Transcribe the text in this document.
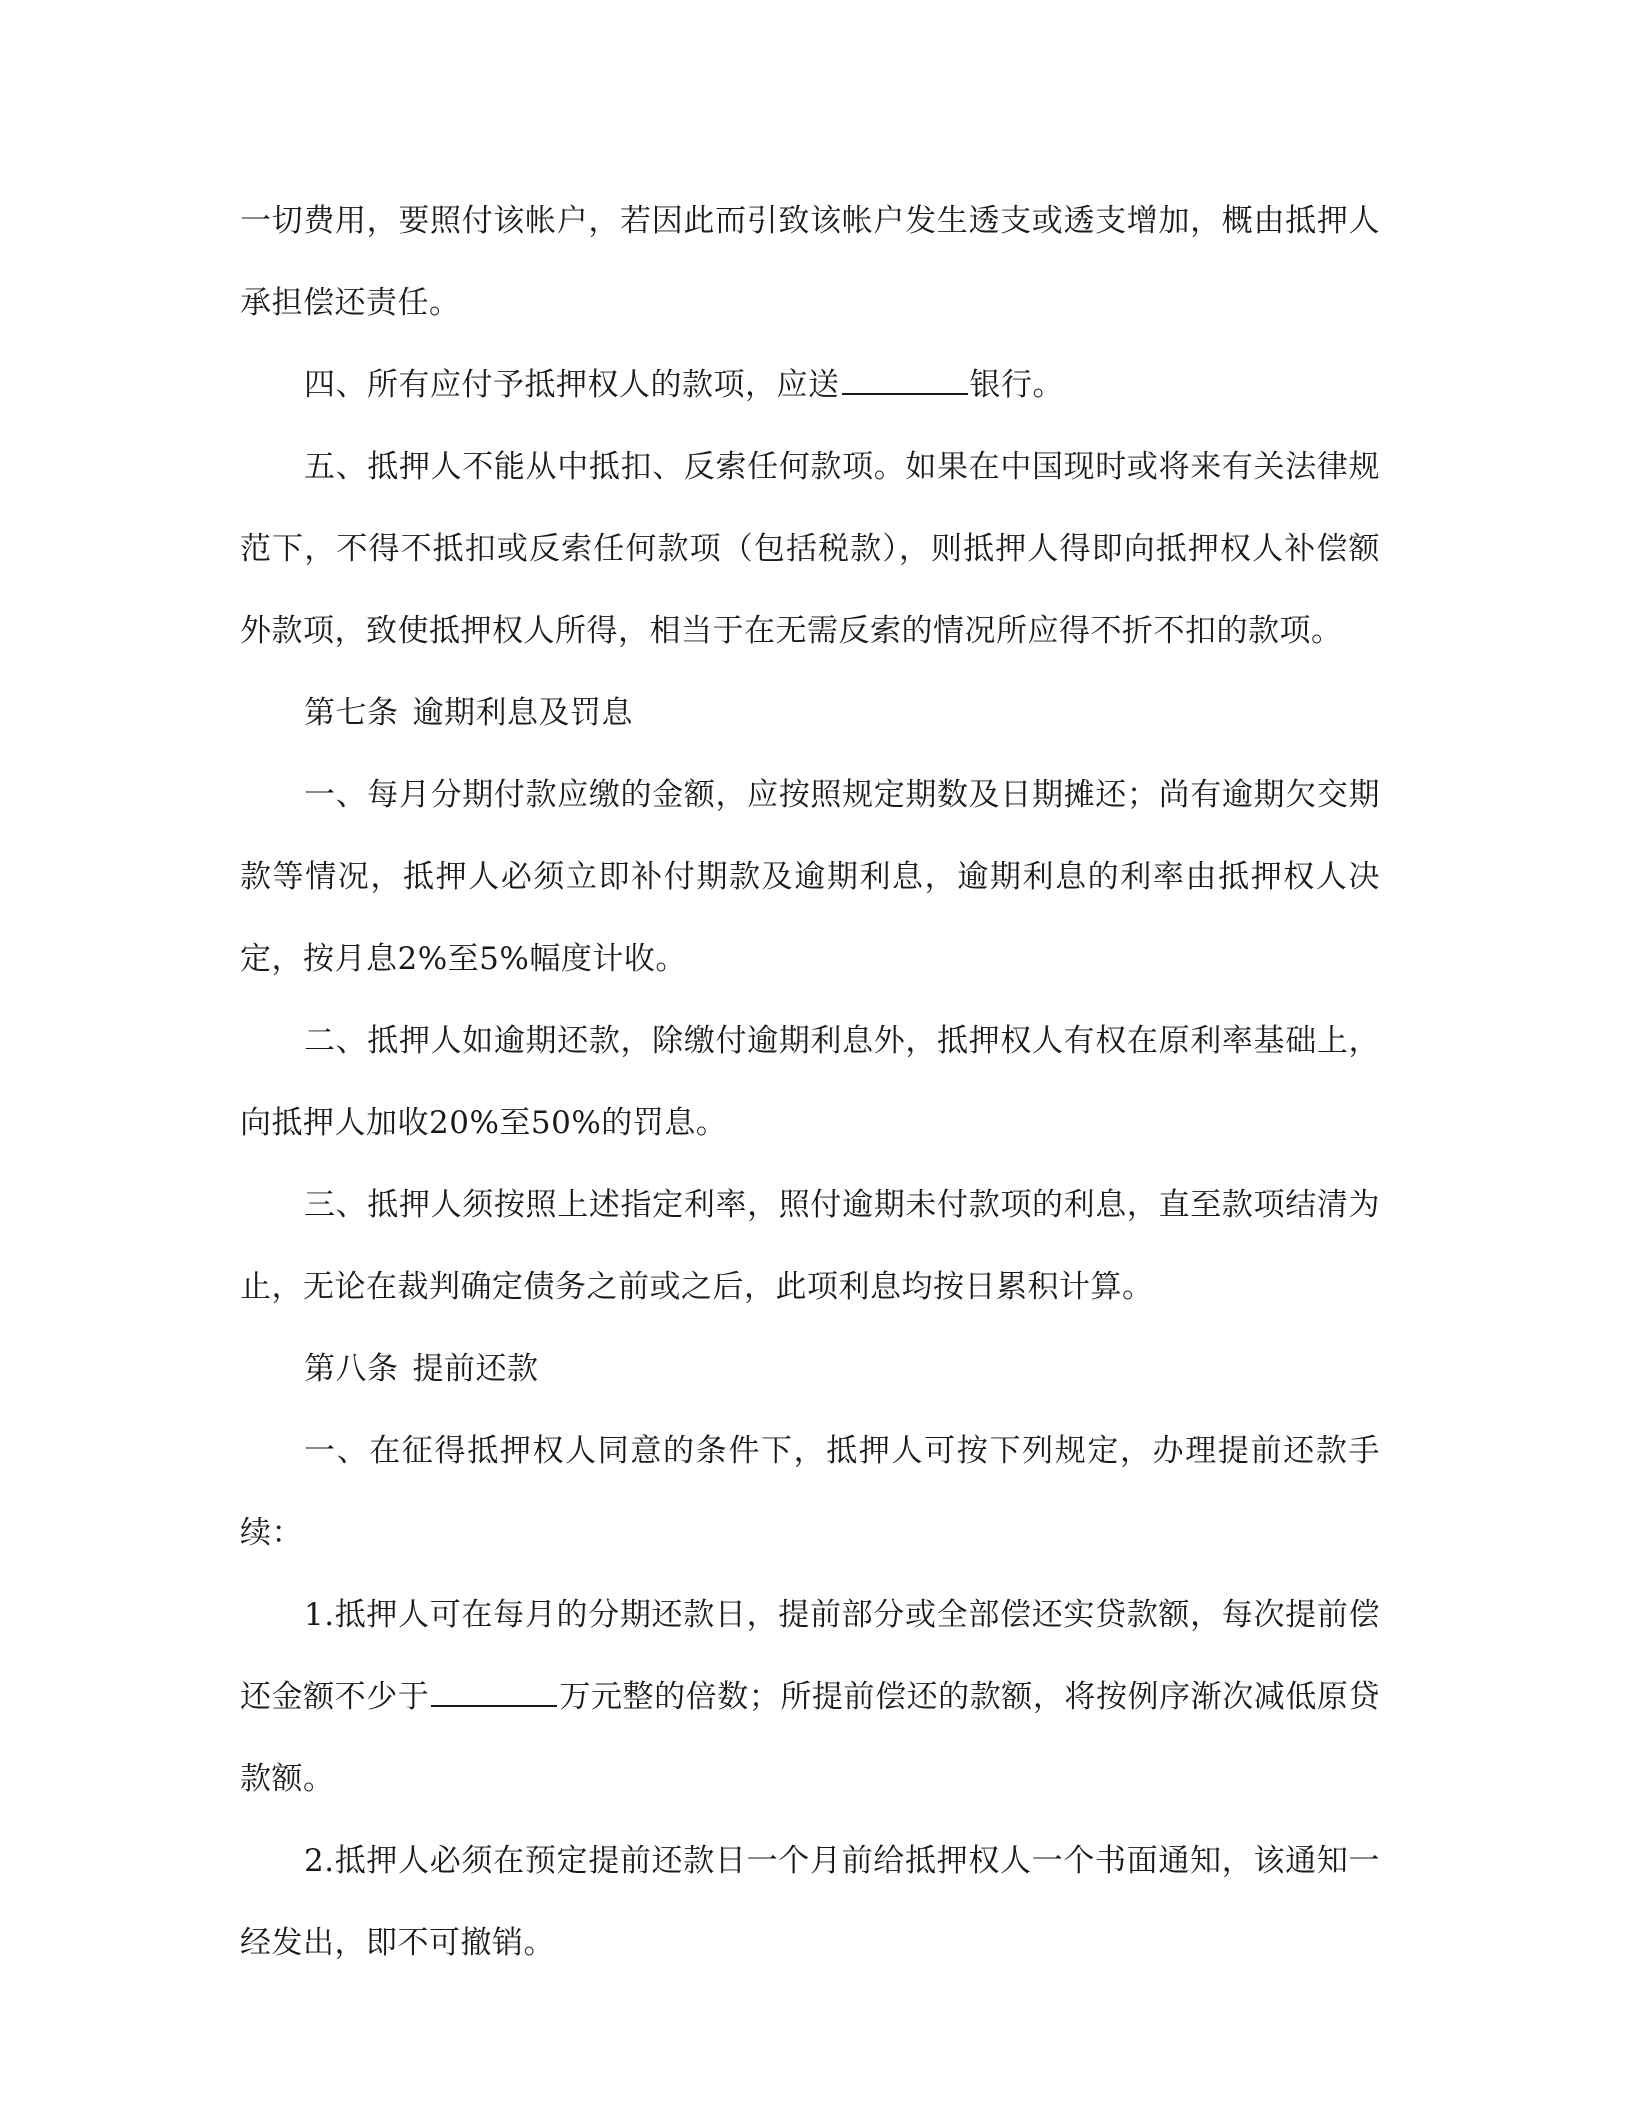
一切费用，要照付该帐户，若因此而引致该帐户发生透支或透支增加，概由抵押人承担偿还责任。

四、所有应付予抵押权人的款项，应送	银行。

五、抵押人不能从中抵扣、反索任何款项。如果在中国现时或将来有关法律规范下，不得不抵扣或反索任何款项（包括税款），则抵押人得即向抵押权人补偿额外款项，致使抵押权人所得，相当于在无需反索的情况所应得不折不扣的款项。

第七条 逾期利息及罚息

一、每月分期付款应缴的金额，应按照规定期数及日期摊还；尚有逾期欠交期款等情况，抵押人必须立即补付期款及逾期利息，逾期利息的利率由抵押权人决定，按月息2%至5%幅度计收。

二、抵押人如逾期还款，除缴付逾期利息外，抵押权人有权在原利率基础上，向抵押人加收20%至50%的罚息。

三、抵押人须按照上述指定利率，照付逾期未付款项的利息，直至款项结清为止，无论在裁判确定债务之前或之后，此项利息均按日累积计算。

第八条 提前还款

一、在征得抵押权人同意的条件下，抵押人可按下列规定，办理提前还款手续：

1.抵押人可在每月的分期还款日，提前部分或全部偿还实贷款额，每次提前偿还金额不少于	万元整的倍数；所提前偿还的款额，将按例序渐次减低原贷款额。

2.抵押人必须在预定提前还款日一个月前给抵押权人一个书面通知，该通知一经发出，即不可撤销。
